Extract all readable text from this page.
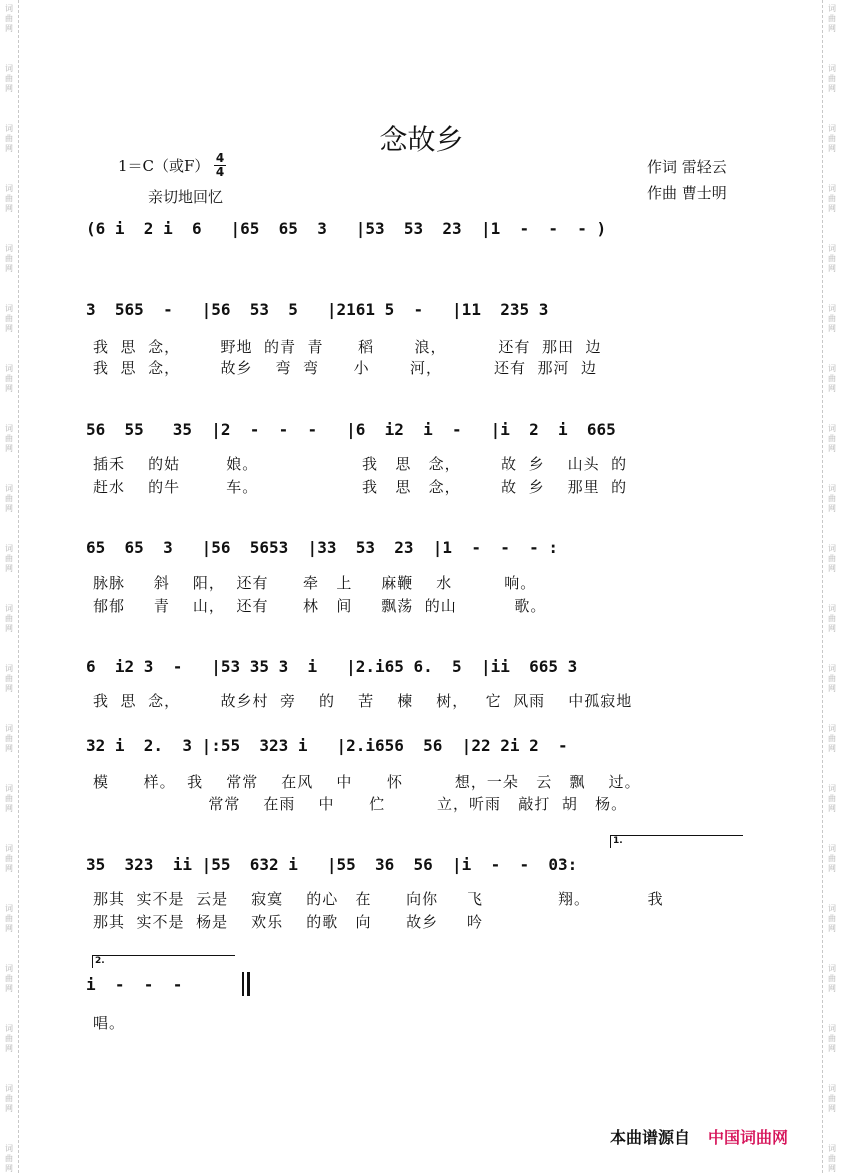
词
曲
网
词
曲
网
词
曲
网
词
曲
网
词
曲
网
词
曲
网
词
曲
网
词
曲
网
词
曲
网
词
曲
网
词
曲
网
词
曲
网
词
曲
网
词
曲
网
词
曲
网
词
曲
网
词
曲
网
词
曲
网
词
曲
网
词
曲
网
词
曲
网
词
曲
网
词
曲
网
词
曲
网
词
曲
网
词
曲
网
词
曲
网
词
曲
网
词
曲
网
词
曲
网
词
曲
网
词
曲
网
词
曲
网
词
曲
网
词
曲
网
词
曲
网
词
曲
网
词
曲
网
词
曲
网
词
曲
网
念故乡
1＝C（或F） 4
4
亲切地回忆
作词 雷轻云
作曲 曹士明
(6 i  2 i  6   |65  65  3   |53  53  23  |1  -  -  - )
3  565  -   |56  53  5   |2161 5  -   |11  235 3
我  思  念，       野地  的青  青      稻       浪，         还有  那田  边
我  思  念，       故乡    弯  弯      小       河，         还有  那河  边
56  55   35  |2  -  -  -   |6  i2  i  -   |i  2  i  665
插禾    的姑        娘。                  我   思   念，       故  乡    山头  的
赶水    的牛        车。                  我   思   念，       故  乡    那里  的
65  65  3   |56  5653  |33  53  23  |1  -  -  - :
脉脉     斜    阳，  还有      牵   上     麻鞭    水         响。
郁郁     青    山，  还有      林   间     飘荡  的山          歌。
6  i2 3  -   |53 35 3  i   |2.i65 6.  5  |ii  665 3
我  思  念，       故乡村  旁    的    苦    楝    树，   它  风雨    中孤寂地
32 i  2.  3 |:55  323 i   |2.i656  56  |22 2i 2  -
模      样。  我    常常    在风    中      怀         想，一朵   云   飘    过。
常常    在雨    中      伫         立，听雨   敲打  胡   杨。
1.
35  323  ii |55  632 i   |55  36  56  |i  -  -  03:
那其  实不是  云是    寂寞    的心   在      向你     飞             翔。          我
那其  实不是  杨是    欢乐    的歌   向      故乡     吟
2.
i  -  -  -
唱。
本曲谱源自 中国词曲网
